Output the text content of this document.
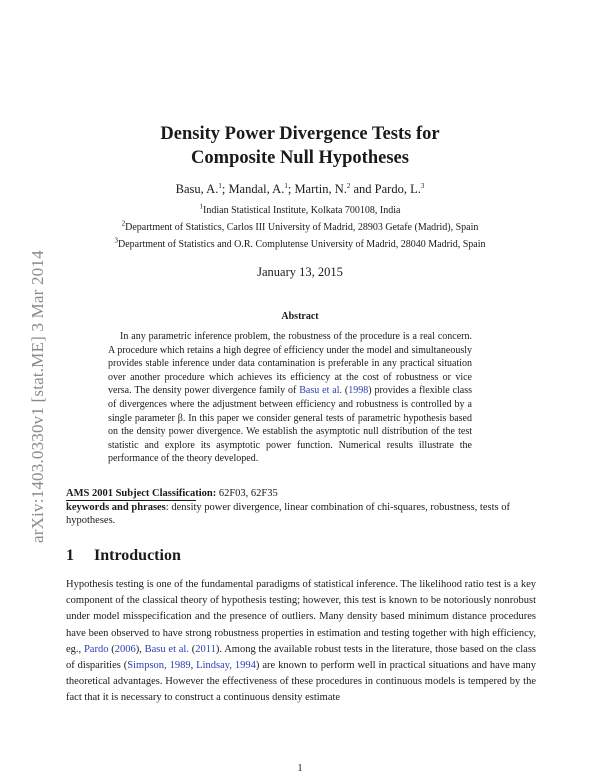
arXiv:1403.0330v1 [stat.ME] 3 Mar 2014
Density Power Divergence Tests for
Composite Null Hypotheses
Basu, A.$^1$; Mandal, A.$^1$; Martin, N.$^2$ and Pardo, L.$^3$
$^1$Indian Statistical Institute, Kolkata 700108, India
$^2$Department of Statistics, Carlos III University of Madrid, 28903 Getafe (Madrid), Spain
$^3$Department of Statistics and O.R. Complutense University of Madrid, 28040 Madrid, Spain
January 13, 2015
Abstract
In any parametric inference problem, the robustness of the procedure is a real concern. A procedure which retains a high degree of efficiency under the model and simultaneously provides stable inference under data contamination is preferable in any practical situation over another procedure which achieves its efficiency at the cost of robustness or vice versa. The density power divergence family of Basu et al. (1998) provides a flexible class of divergences where the adjustment between efficiency and robustness is controlled by a single parameter β. In this paper we consider general tests of parametric hypothesis based on the density power divergence. We establish the asymptotic null distribution of the test statistic and explore its asymptotic power function. Numerical results illustrate the performance of the theory developed.
AMS 2001 Subject Classification: 62F03, 62F35
keywords and phrases: density power divergence, linear combination of chi-squares, robustness, tests of hypotheses.
1 Introduction
Hypothesis testing is one of the fundamental paradigms of statistical inference. The likelihood ratio test is a key component of the classical theory of hypothesis testing; however, this test is known to be notoriously nonrobust under model misspecification and the presence of outliers. Many density based minimum distance procedures have been observed to have strong robustness properties in estimation and testing together with high efficiency, eg., Pardo (2006), Basu et al. (2011). Among the available robust tests in the literature, those based on the class of disparities (Simpson, 1989, Lindsay, 1994) are known to perform well in practical situations and have many theoretical advantages. However the effectiveness of these procedures in continuous models is tempered by the fact that it is necessary to construct a continuous density estimate
1
